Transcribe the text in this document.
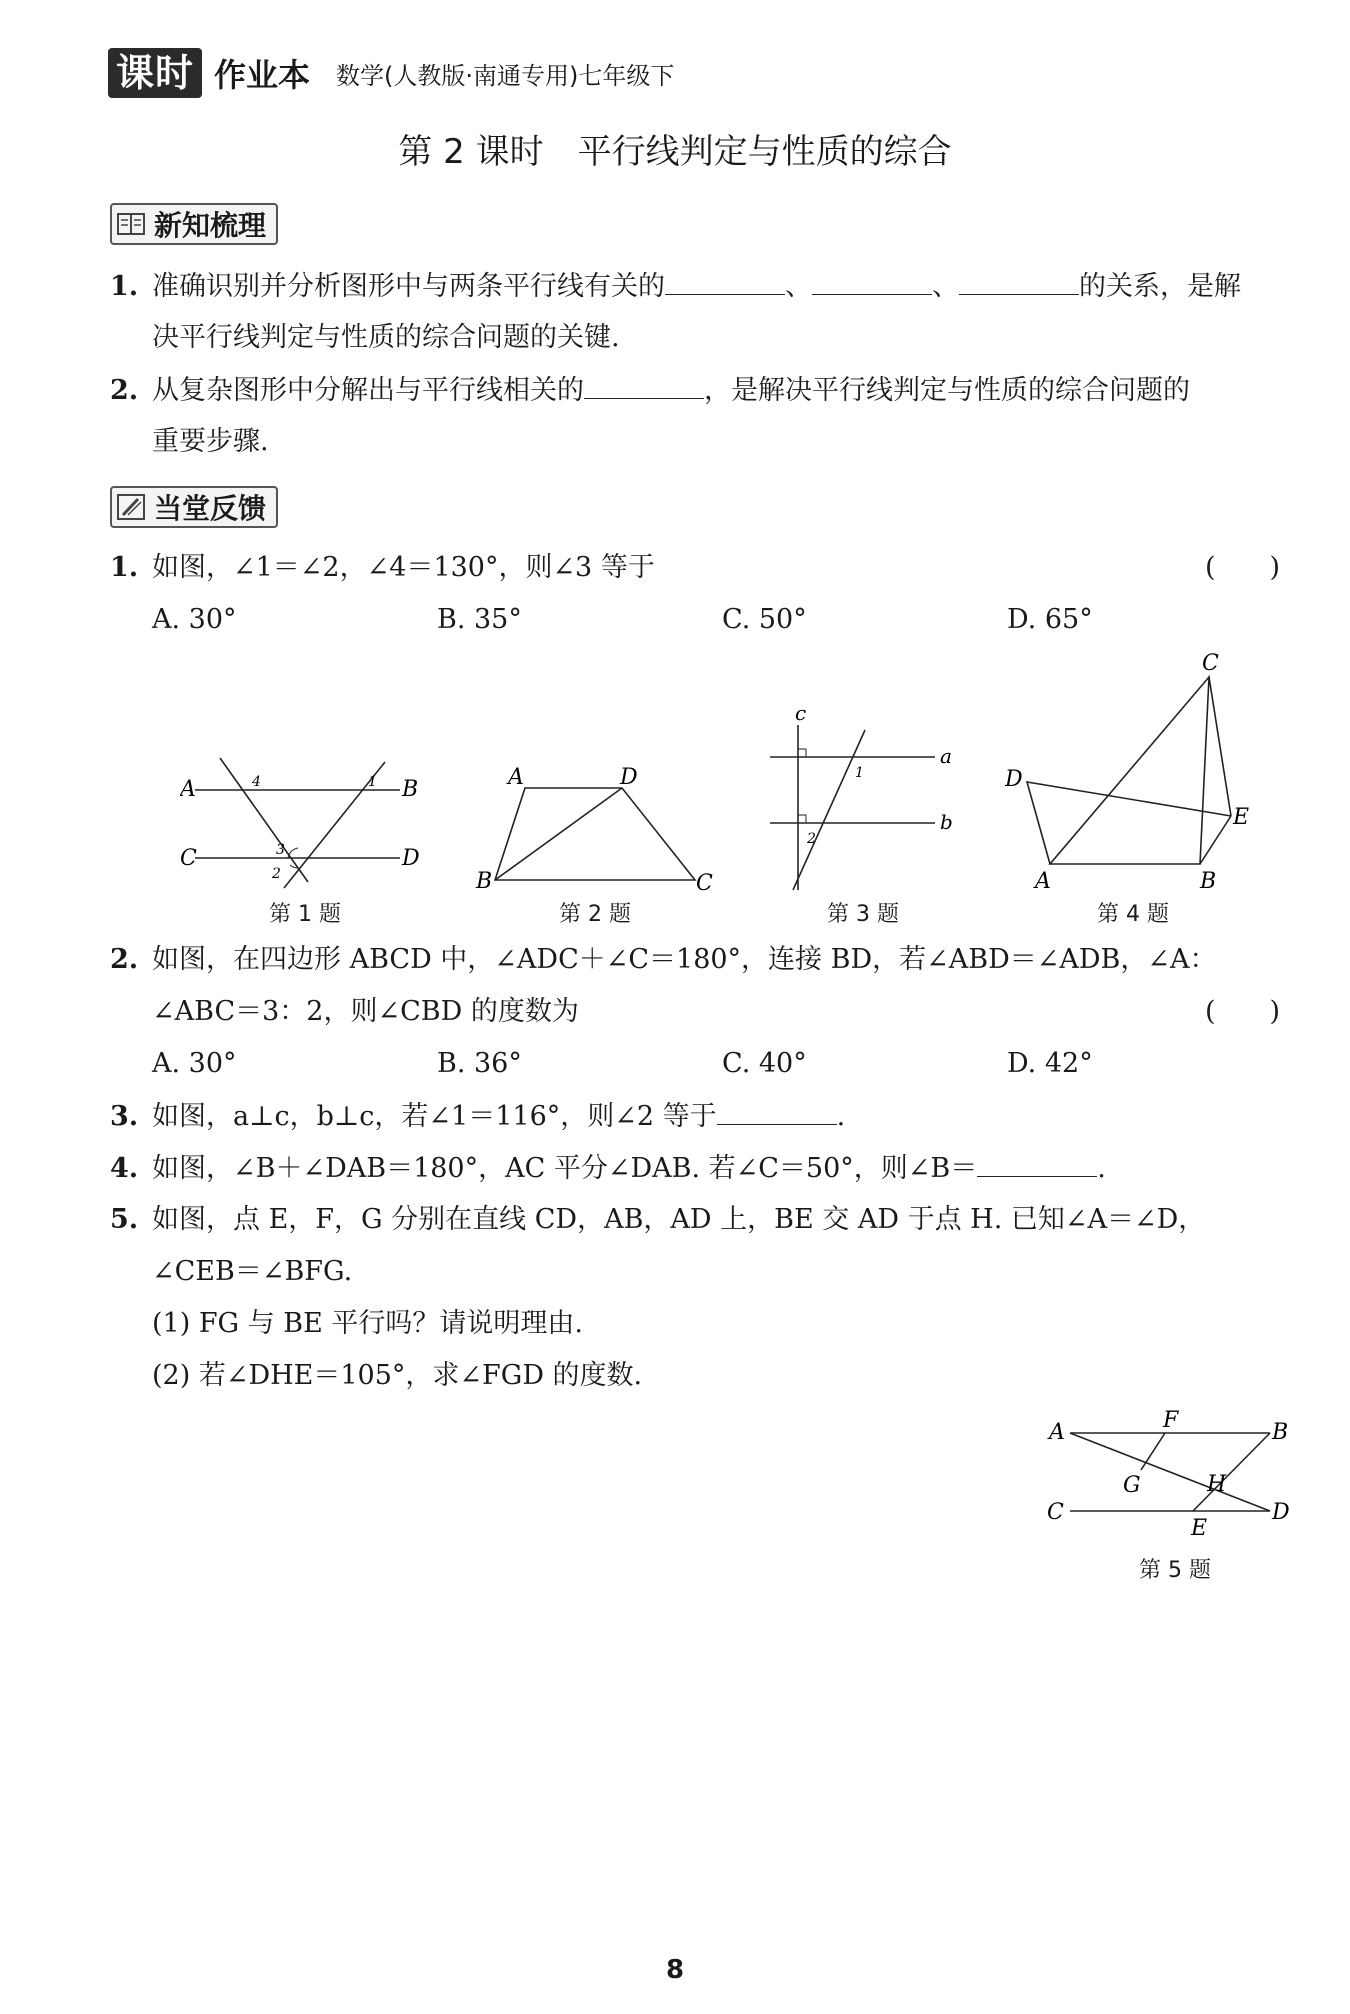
课时 作业本 数学(人教版·南通专用)七年级下
第 2 课时　平行线判定与性质的综合
新知梳理
1. 准确识别并分析图形中与两条平行线有关的	、	、	的关系，是解
决平行线判定与性质的综合问题的关键.
2. 从复杂图形中分解出与平行线相关的	，是解决平行线判定与性质的综合问题的
重要步骤.
当堂反馈
1. 如图，∠1＝∠2，∠4＝130°，则∠3 等于	(　　)
A. 30°	B. 35°	C. 50°	D. 65°
A	B
C	D
4	1
3
2
第 1 题
A	D
B	C
第 2 题
c
a
b
1
2
第 3 题
C
D
E
A	B
第 4 题
2. 如图，在四边形 ABCD 中，∠ADC＋∠C＝180°，连接 BD，若∠ABD＝∠ADB，∠A：
∠ABC＝3：2，则∠CBD 的度数为	(　　)
A. 30°	B. 36°	C. 40°	D. 42°
3. 如图，a⊥c，b⊥c，若∠1＝116°，则∠2 等于	.
4. 如图，∠B＋∠DAB＝180°，AC 平分∠DAB. 若∠C＝50°，则∠B＝	.
5. 如图，点 E，F，G 分别在直线 CD，AB，AD 上，BE 交 AD 于点 H. 已知∠A＝∠D，
∠CEB＝∠BFG.
(1) FG 与 BE 平行吗？请说明理由.
(2) 若∠DHE＝105°，求∠FGD 的度数.
A	B
C	D
F
G	H
E
第 5 题
8
